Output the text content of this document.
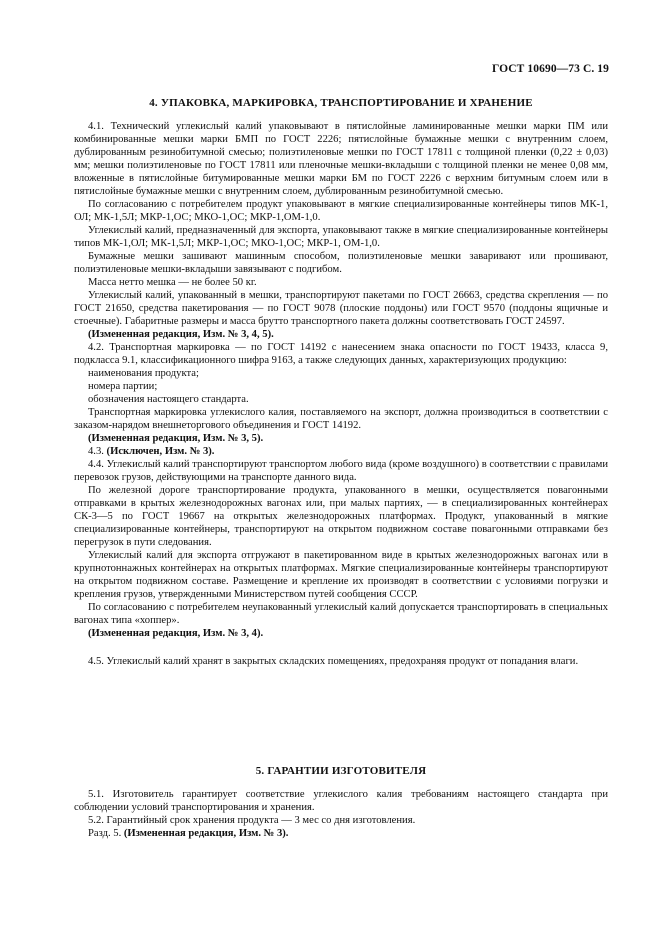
ГОСТ 10690—73 С. 19
4. УПАКОВКА, МАРКИРОВКА, ТРАНСПОРТИРОВАНИЕ И ХРАНЕНИЕ

4.1. Технический углекислый калий упаковывают в пятислойные ламинированные мешки марки ПМ или комбинированные мешки марки БМП по ГОСТ 2226; пятислойные бумажные мешки с внутренним слоем, дублированным резинобитумной смесью; полиэтиленовые мешки по ГОСТ 17811 с толщиной пленки (0,22 ± 0,03) мм; мешки полиэтиленовые по ГОСТ 17811 или пленочные мешки-вкладыши с толщиной пленки не менее 0,08 мм, вложенные в пятислойные битумированные мешки марки БМ по ГОСТ 2226 с верхним битумным слоем или в пятислойные бумажные мешки с внутренним слоем, дублированным резинобитумной смесью.

По согласованию с потребителем продукт упаковывают в мягкие специализированные контейнеры типов МК-1, ОЛ; МК-1,5Л; МКР-1,ОС; МКО-1,ОС; МКР-1,ОМ-1,0.

Углекислый калий, предназначенный для экспорта, упаковывают также в мягкие специализированные контейнеры типов МК-1,ОЛ; МК-1,5Л; МКР-1,ОС; МКО-1,ОС; МКР-1, ОМ-1,0.

Бумажные мешки зашивают машинным способом, полиэтиленовые мешки заваривают или прошивают, полиэтиленовые мешки-вкладыши завязывают с подгибом.

Масса нетто мешка — не более 50 кг.

Углекислый калий, упакованный в мешки, транспортируют пакетами по ГОСТ 26663, средства скрепления — по ГОСТ 21650, средства пакетирования — по ГОСТ 9078 (плоские поддоны) или ГОСТ 9570 (поддоны ящичные и стоечные). Габаритные размеры и масса брутто транспортного пакета должны соответствовать ГОСТ 24597.

(Измененная редакция, Изм. № 3, 4, 5).

4.2. Транспортная маркировка — по ГОСТ 14192 с нанесением знака опасности по ГОСТ 19433, класса 9, подкласса 9.1, классификационного шифра 9163, а также следующих данных, характеризующих продукцию:

наименования продукта;

номера партии;

обозначения настоящего стандарта.

Транспортная маркировка углекислого калия, поставляемого на экспорт, должна производиться в соответствии с заказом-нарядом внешнеторгового объединения и ГОСТ 14192.

(Измененная редакция, Изм. № 3, 5).

4.3. (Исключен, Изм. № 3).

4.4. Углекислый калий транспортируют транспортом любого вида (кроме воздушного) в соответствии с правилами перевозок грузов, действующими на транспорте данного вида.

По железной дороге транспортирование продукта, упакованного в мешки, осуществляется повагонными отправками в крытых железнодорожных вагонах или, при малых партиях, — в специализированных контейнерах СК-3—5 по ГОСТ 19667 на открытых железнодорожных платформах. Продукт, упакованный в мягкие специализированные контейнеры, транспортируют на открытом подвижном составе повагонными отправками без перегрузок в пути следования.

Углекислый калий для экспорта отгружают в пакетированном виде в крытых железнодорожных вагонах или в крупнотоннажных контейнерах на открытых платформах. Мягкие специализированные контейнеры транспортируют на открытом подвижном составе. Размещение и крепление их производят в соответствии с условиями погрузки и крепления грузов, утвержденными Министерством путей сообщения СССР.

По согласованию с потребителем неупакованный углекислый калий допускается транспортировать в специальных вагонах типа «хоппер».

(Измененная редакция, Изм. № 3, 4).

4.5. Углекислый калий хранят в закрытых складских помещениях, предохраняя продукт от попадания влаги.

5. ГАРАНТИИ ИЗГОТОВИТЕЛЯ

5.1. Изготовитель гарантирует соответствие углекислого калия требованиям настоящего стандарта при соблюдении условий транспортирования и хранения.

5.2. Гарантийный срок хранения продукта — 3 мес со дня изготовления.

Разд. 5. (Измененная редакция, Изм. № 3).
